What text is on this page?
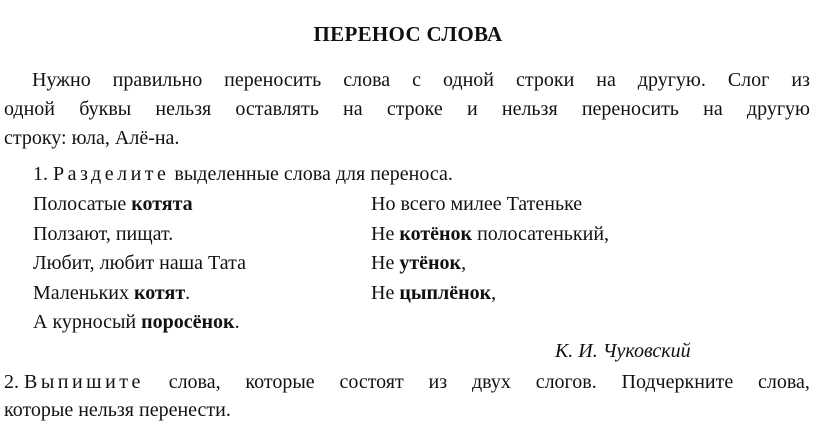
ПЕРЕНОС СЛОВА
Нужно правильно переносить слова с одной строки на другую. Слог из
одной буквы нельзя оставлять на строке и нельзя переносить на другую
строку: юла, Алё-на.
1. Разделите выделенные слова для переноса.
Полосатые котята
Ползают, пищат.
Любит, любит наша Тата
Маленьких котят.
А курносый поросёнок.
Но всего милее Татеньке
Не котёнок полосатенький,
Не утёнок,
Не цыплёнок,
К. И. Чуковский
2. Выпишите слова, которые состоят из двух слогов. Подчеркните слова,
которые нельзя перенести.
